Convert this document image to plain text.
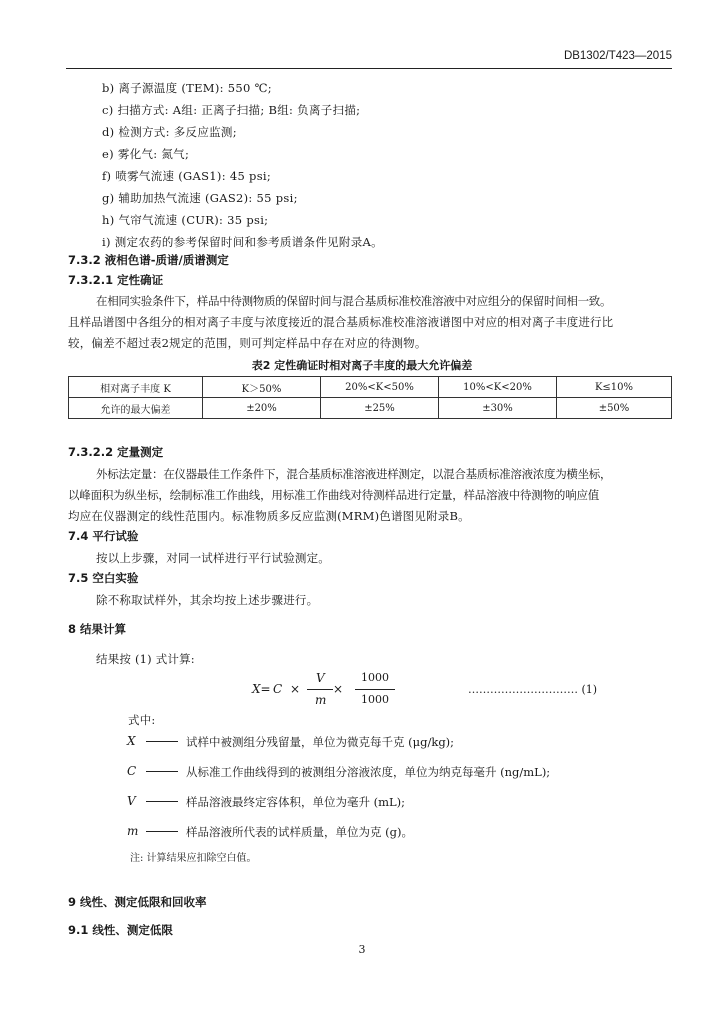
DB1302/T423—2015
b) 离子源温度 (TEM): 550 ℃;
c) 扫描方式: A组: 正离子扫描; B组: 负离子扫描;
d) 检测方式: 多反应监测;
e) 雾化气: 氮气;
f) 喷雾气流速 (GAS1): 45 psi;
g) 辅助加热气流速 (GAS2): 55 psi;
h) 气帘气流速 (CUR): 35 psi;
i) 测定农药的参考保留时间和参考质谱条件见附录A。
7.3.2 液相色谱-质谱/质谱测定
7.3.2.1 定性确证
在相同实验条件下，样品中待测物质的保留时间与混合基质标准校准溶液中对应组分的保留时间相一致。
且样品谱图中各组分的相对离子丰度与浓度接近的混合基质标准校准溶液谱图中对应的相对离子丰度进行比
较，偏差不超过表2规定的范围，则可判定样品中存在对应的待测物。
表2 定性确证时相对离子丰度的最大允许偏差
相对离子丰度 K	K＞50%	20%<K<50%	10%<K<20%	K≤10%
允许的最大偏差	±20%	±25%	±30%	±50%
7.3.2.2 定量测定
外标法定量：在仪器最佳工作条件下，混合基质标准溶液进样测定，以混合基质标准溶液浓度为横坐标，
以峰面积为纵坐标，绘制标准工作曲线，用标准工作曲线对待测样品进行定量，样品溶液中待测物的响应值
均应在仪器测定的线性范围内。标准物质多反应监测(MRM)色谱图见附录B。
7.4 平行试验
按以上步骤，对同一试样进行平行试验测定。
7.5 空白实验
除不称取试样外，其余均按上述步骤进行。
8 结果计算
结果按 (1) 式计算:
X= C ×
V
m
×
1000
1000
………………………… (1)
式中:
X	试样中被测组分残留量，单位为微克每千克 (μg/kg);
C	从标准工作曲线得到的被测组分溶液浓度，单位为纳克每毫升 (ng/mL);
V	样品溶液最终定容体积，单位为毫升 (mL);
m	样品溶液所代表的试样质量，单位为克 (g)。
注: 计算结果应扣除空白值。
9 线性、测定低限和回收率
9.1 线性、测定低限
3
